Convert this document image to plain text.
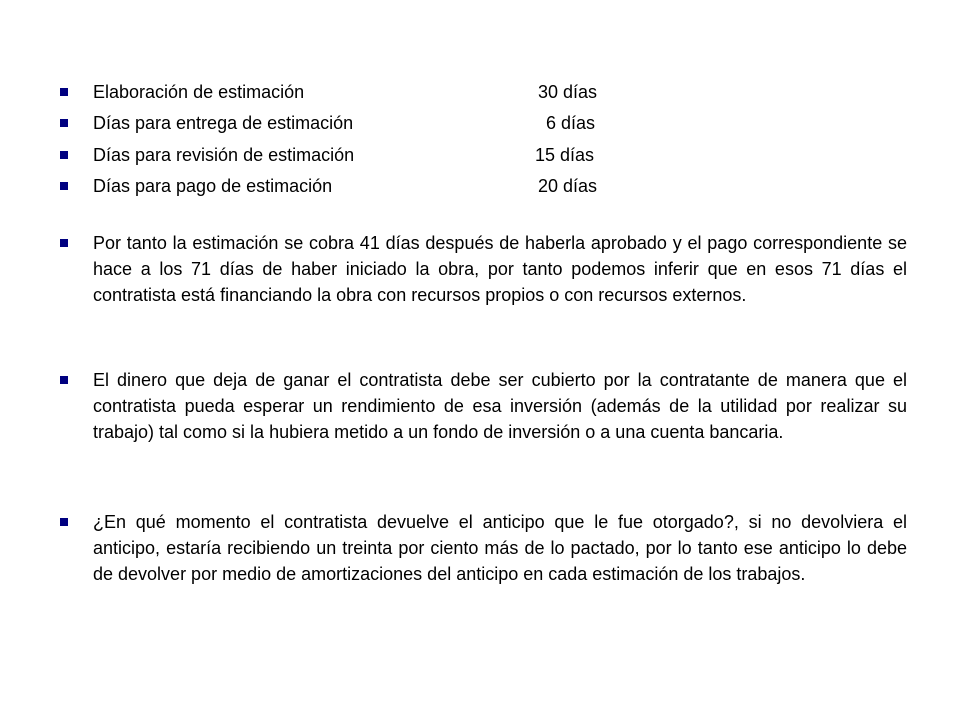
Elaboración de estimación	30 días
Días para entrega de estimación	6 días
Días para revisión de estimación	15 días
Días para pago de estimación	20 días
Por tanto la estimación se cobra 41 días después de haberla aprobado y el pago correspondiente se hace a los 71 días de haber iniciado la obra, por tanto podemos inferir que en esos 71 días el contratista está financiando la obra con recursos propios o con recursos externos.
El dinero que deja de ganar el contratista debe ser cubierto por la contratante de manera que el contratista pueda esperar un rendimiento de esa inversión (además de la utilidad por realizar su trabajo) tal como si la hubiera metido a un fondo de inversión o a una cuenta bancaria.
¿En qué momento el contratista devuelve el anticipo que le fue otorgado?, si no devolviera el anticipo, estaría recibiendo un treinta por ciento más de lo pactado, por lo tanto ese anticipo lo debe de devolver por medio de amortizaciones del anticipo en cada estimación de los trabajos.
